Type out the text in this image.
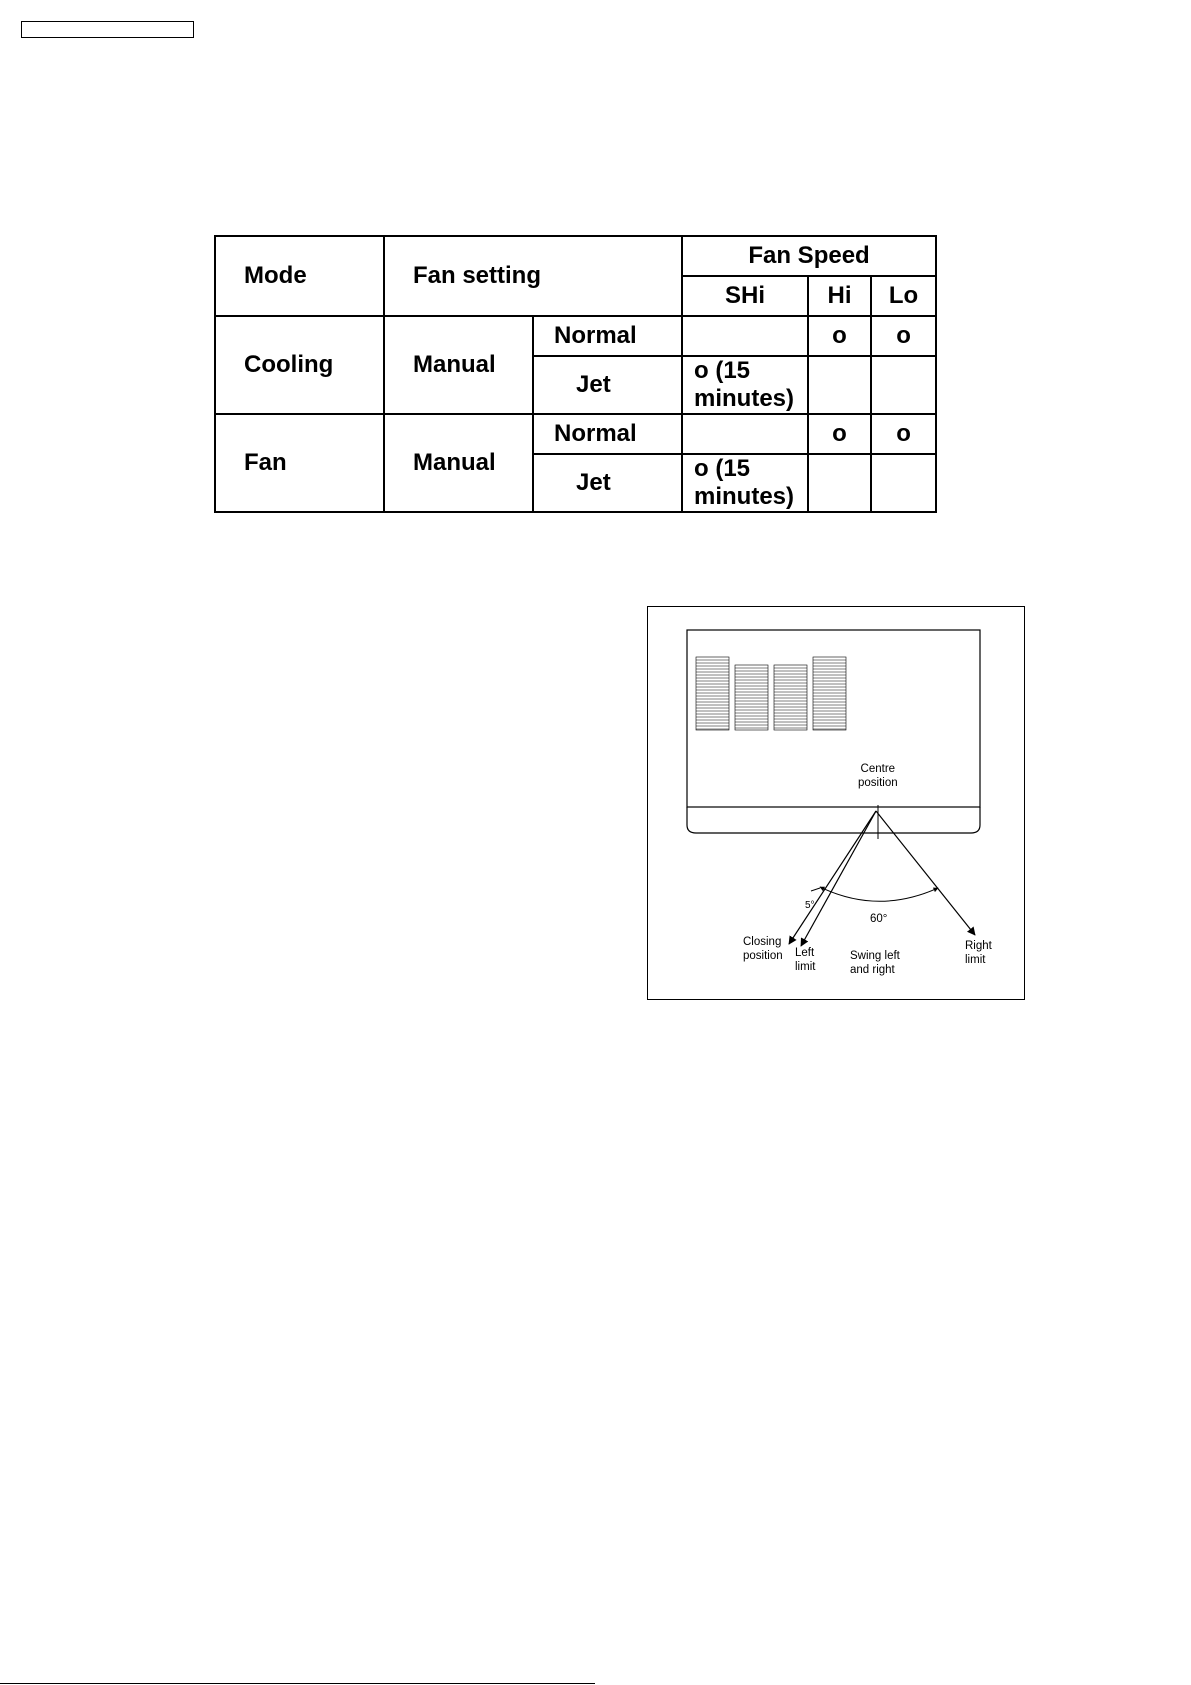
Mode	Fan setting		Fan Speed		
			SHi	Hi	Lo
Cooling	Manual	Normal		o	o
		Jet	o (15 minutes)		
Fan	Manual	Normal		o	o
		Jet	o (15 minutes)		
Centre
position
5°
60°
Closing
position Left
limit
Swing left
and right
Right
limit
